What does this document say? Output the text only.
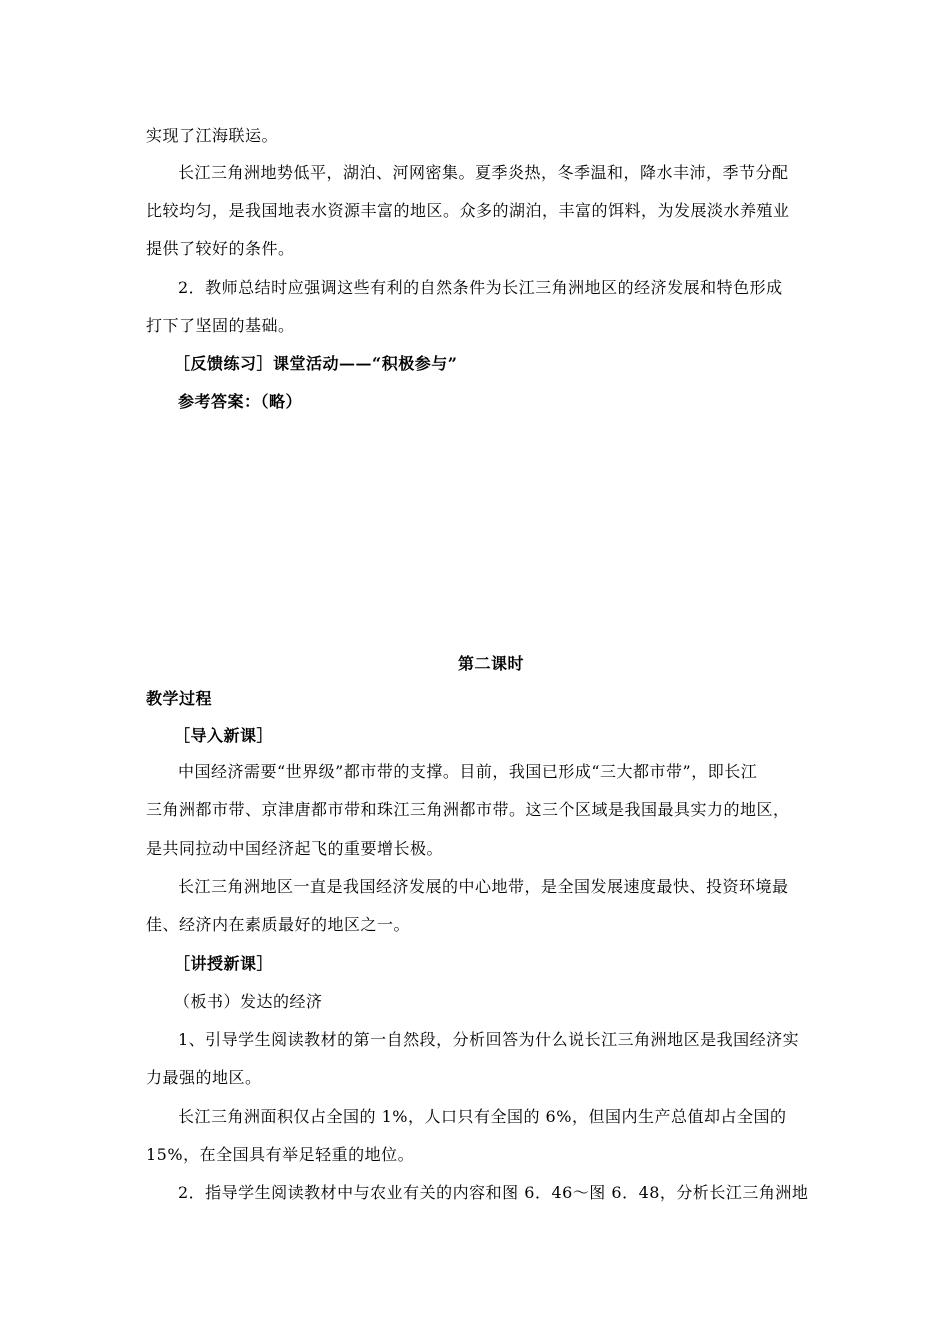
实现了江海联运。
长江三角洲地势低平，湖泊、河网密集。夏季炎热，冬季温和，降水丰沛，季节分配
比较均匀，是我国地表水资源丰富的地区。众多的湖泊，丰富的饵料，为发展淡水养殖业
提供了较好的条件。
2．教师总结时应强调这些有利的自然条件为长江三角洲地区的经济发展和特色形成
打下了坚固的基础。
［反馈练习］课堂活动——“积极参与”
参考答案：（略）
第二课时
教学过程
［导入新课］
中国经济需要“世界级”都市带的支撑。目前，我国已形成“三大都市带”，即长江
三角洲都市带、京津唐都市带和珠江三角洲都市带。这三个区域是我国最具实力的地区，
是共同拉动中国经济起飞的重要增长极。
长江三角洲地区一直是我国经济发展的中心地带，是全国发展速度最快、投资环境最
佳、经济内在素质最好的地区之一。
［讲授新课］
（板书）发达的经济
1、引导学生阅读教材的第一自然段，分析回答为什么说长江三角洲地区是我国经济实
力最强的地区。
长江三角洲面积仅占全国的 1%，人口只有全国的 6%，但国内生产总值却占全国的
15%，在全国具有举足轻重的地位。
2．指导学生阅读教材中与农业有关的内容和图 6．46～图 6．48，分析长江三角洲地
